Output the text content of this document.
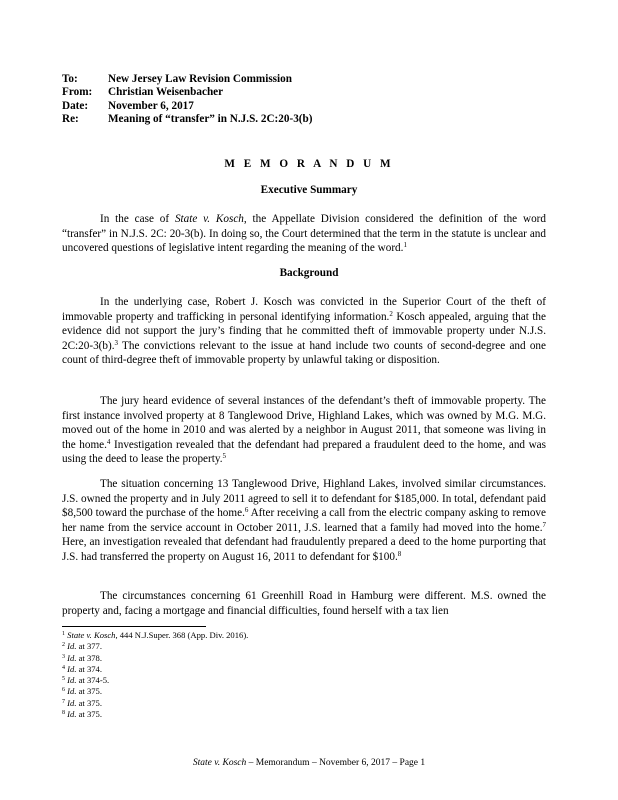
To:	New Jersey Law Revision Commission
From:	Christian Weisenbacher
Date:	November 6, 2017
Re:	Meaning of “transfer” in N.J.S. 2C:20-3(b)
M E M O R A N D U M
Executive Summary

In the case of State v. Kosch, the Appellate Division considered the definition of the word “transfer” in N.J.S. 2C: 20-3(b). In doing so, the Court determined that the term in the statute is unclear and uncovered questions of legislative intent regarding the meaning of the word.$^1$

Background

In the underlying case, Robert J. Kosch was convicted in the Superior Court of the theft of immovable property and trafficking in personal identifying information.$^2$ Kosch appealed, arguing that the evidence did not support the jury’s finding that he committed theft of immovable property under N.J.S. 2C:20-3(b).$^3$ The convictions relevant to the issue at hand include two counts of second-degree and one count of third-degree theft of immovable property by unlawful taking or disposition.

The jury heard evidence of several instances of the defendant’s theft of immovable property. The first instance involved property at 8 Tanglewood Drive, Highland Lakes, which was owned by M.G. M.G. moved out of the home in 2010 and was alerted by a neighbor in August 2011, that someone was living in the home.$^4$ Investigation revealed that the defendant had prepared a fraudulent deed to the home, and was using the deed to lease the property.$^5$

The situation concerning 13 Tanglewood Drive, Highland Lakes, involved similar circumstances. J.S. owned the property and in July 2011 agreed to sell it to defendant for $185,000. In total, defendant paid $8,500 toward the purchase of the home.$^6$ After receiving a call from the electric company asking to remove her name from the service account in October 2011, J.S. learned that a family had moved into the home.$^7$ Here, an investigation revealed that defendant had fraudulently prepared a deed to the home purporting that J.S. had transferred the property on August 16, 2011 to defendant for $100.$^8$

The circumstances concerning 61 Greenhill Road in Hamburg were different. M.S. owned the property and, facing a mortgage and financial difficulties, found herself with a tax lien

$^1$ State v. Kosch, 444 N.J.Super. 368 (App. Div. 2016).
$^2$ Id. at 377.
$^3$ Id. at 378.
$^4$ Id. at 374.
$^5$ Id. at 374-5.
$^6$ Id. at 375.
$^7$ Id. at 375.
$^8$ Id. at 375.
State v. Kosch – Memorandum – November 6, 2017 – Page 1
